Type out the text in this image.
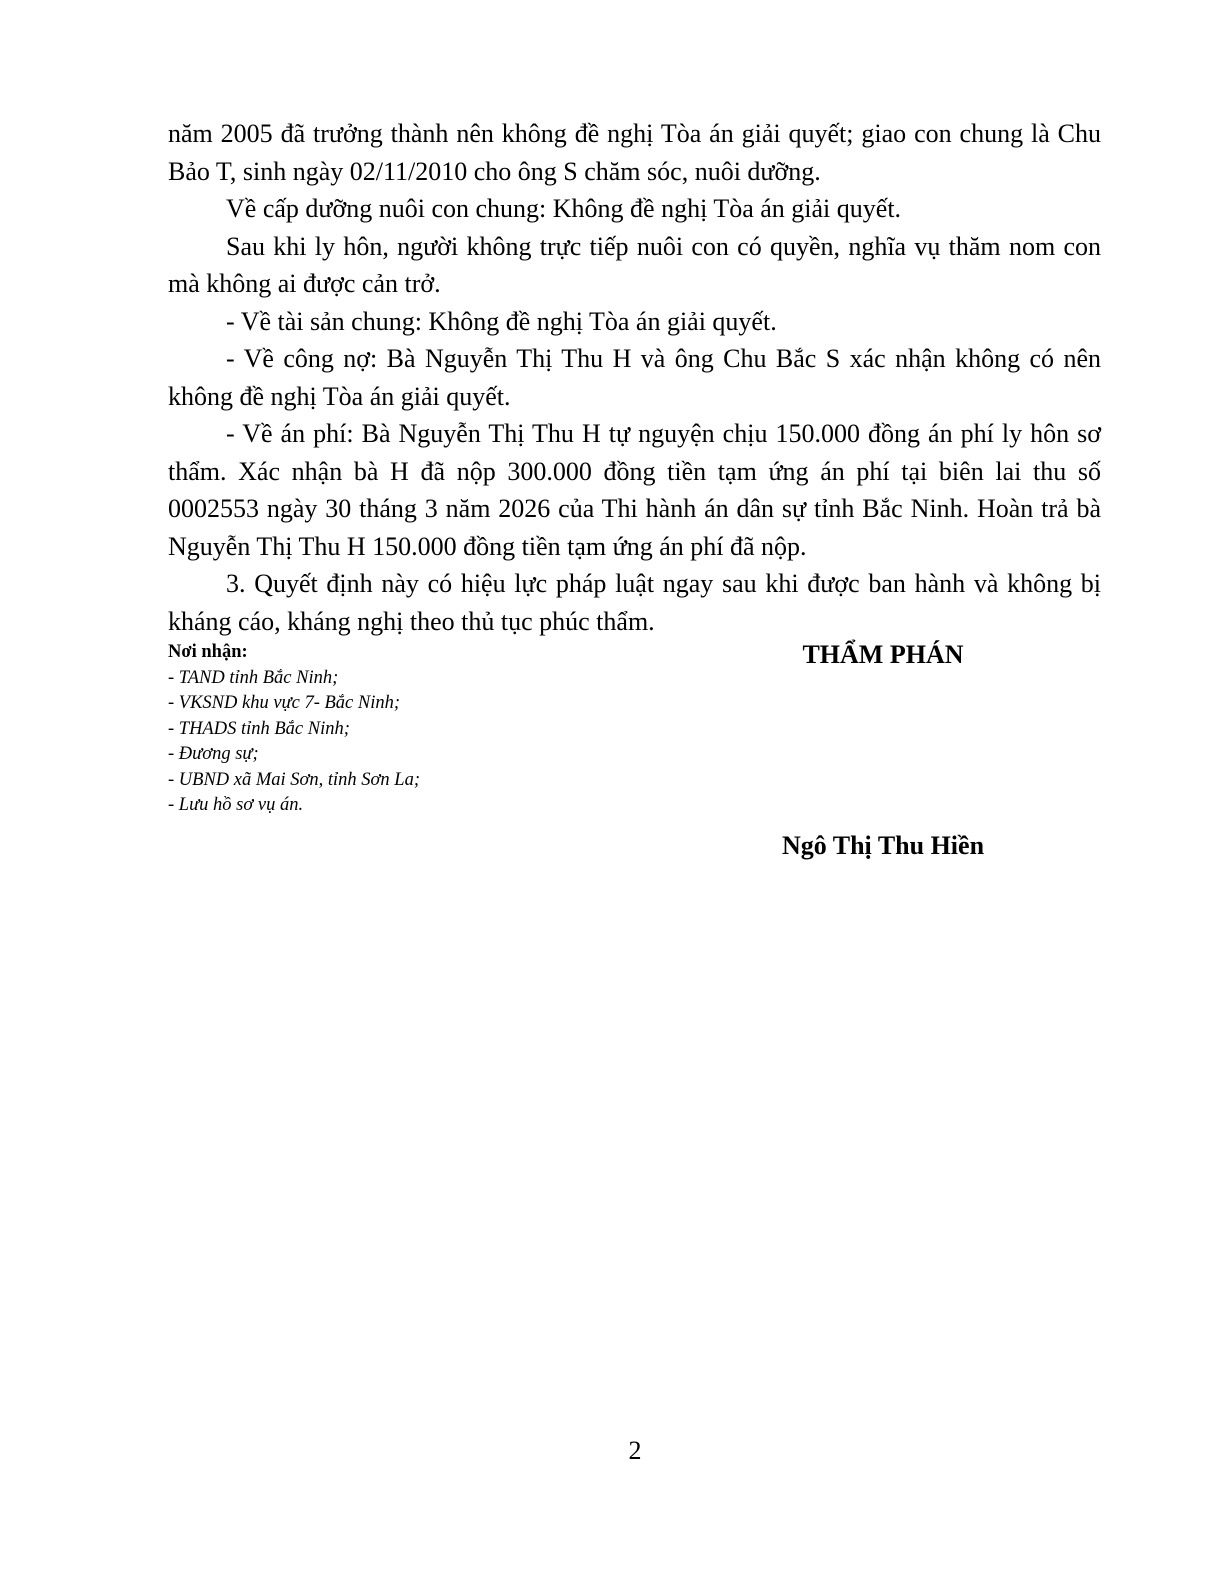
năm 2005 đã trưởng thành nên không đề nghị Tòa án giải quyết; giao con chung là Chu Bảo T, sinh ngày 02/11/2010 cho ông S chăm sóc, nuôi dưỡng.

Về cấp dưỡng nuôi con chung: Không đề nghị Tòa án giải quyết.

Sau khi ly hôn, người không trực tiếp nuôi con có quyền, nghĩa vụ thăm nom con mà không ai được cản trở.

- Về tài sản chung: Không đề nghị Tòa án giải quyết.

- Về công nợ: Bà Nguyễn Thị Thu H và ông Chu Bắc S xác nhận không có nên không đề nghị Tòa án giải quyết.

- Về án phí: Bà Nguyễn Thị Thu H tự nguyện chịu 150.000 đồng án phí ly hôn sơ thẩm. Xác nhận bà H đã nộp 300.000 đồng tiền tạm ứng án phí tại biên lai thu số 0002553 ngày 30 tháng 3 năm 2026 của Thi hành án dân sự tỉnh Bắc Ninh. Hoàn trả bà Nguyễn Thị Thu H 150.000 đồng tiền tạm ứng án phí đã nộp.

3. Quyết định này có hiệu lực pháp luật ngay sau khi được ban hành và không bị kháng cáo, kháng nghị theo thủ tục phúc thẩm.

Nơi nhận:

- TAND tỉnh Bắc Ninh;
- VKSND khu vực 7- Bắc Ninh;
- THADS tỉnh Bắc Ninh;
- Đương sự;
- UBND xã Mai Sơn, tỉnh Sơn La;
- Lưu hồ sơ vụ án.
THẨM PHÁN
Ngô Thị Thu Hiền
2
